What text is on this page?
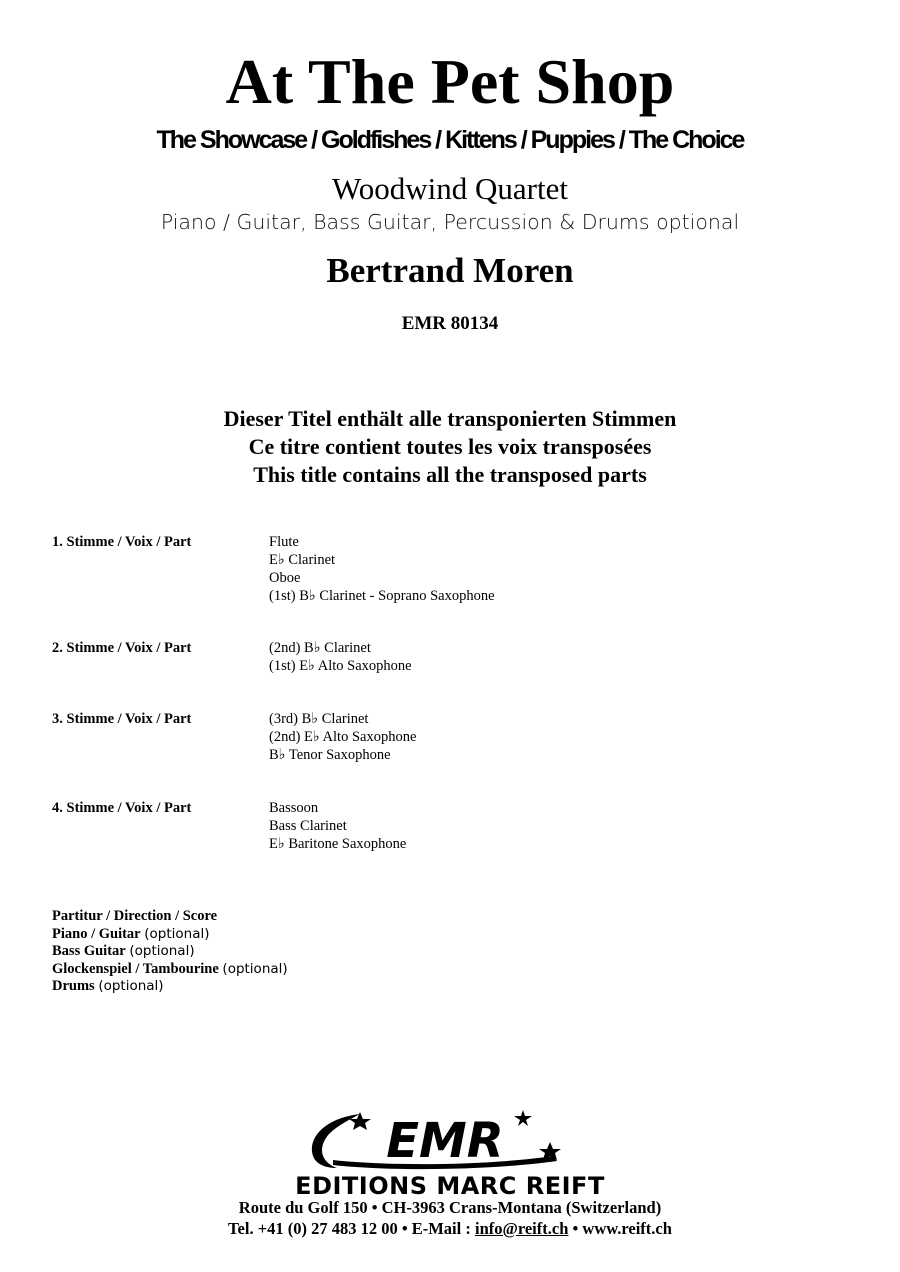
At The Pet Shop
The Showcase / Goldfishes / Kittens / Puppies / The Choice
Woodwind Quartet
Piano / Guitar, Bass Guitar, Percussion & Drums optional
Bertrand Moren
EMR 80134
Dieser Titel enthält alle transponierten Stimmen
Ce titre contient toutes les voix transposées
This title contains all the transposed parts
1. Stimme / Voix / Part	Flute
E♭ Clarinet
Oboe
(1st) B♭ Clarinet - Soprano Saxophone
2. Stimme / Voix / Part	(2nd) B♭ Clarinet
(1st) E♭ Alto Saxophone
3. Stimme / Voix / Part	(3rd) B♭ Clarinet
(2nd) E♭ Alto Saxophone
B♭ Tenor Saxophone
4. Stimme / Voix / Part	Bassoon
Bass Clarinet
E♭ Baritone Saxophone
Partitur / Direction / Score
Piano / Guitar (optional)
Bass Guitar (optional)
Glockenspiel / Tambourine (optional)
Drums (optional)
EMR
EDITIONS MARC REIFT
Route du Golf 150 • CH-3963 Crans-Montana (Switzerland)
Tel. +41 (0) 27 483 12 00 • E-Mail : info@reift.ch • www.reift.ch
